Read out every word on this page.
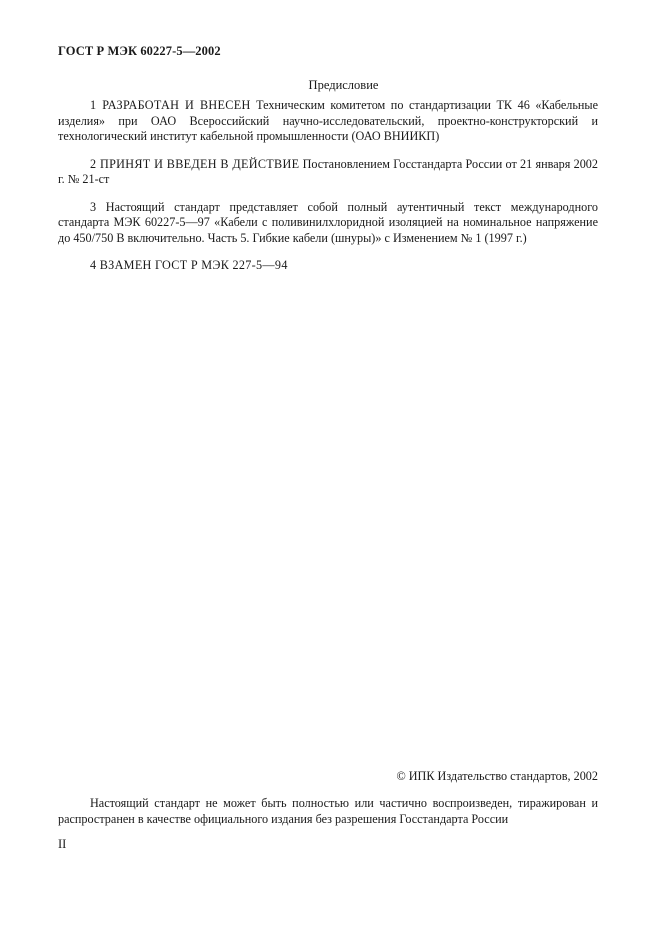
ГОСТ Р МЭК 60227-5—2002
Предисловие

1 РАЗРАБОТАН И ВНЕСЕН Техническим комитетом по стандартизации ТК 46 «Кабельные изделия» при ОАО Всероссийский научно-исследовательский, проектно-конструкторский и технологический институт кабельной промышленности (ОАО ВНИИКП)

2 ПРИНЯТ И ВВЕДЕН В ДЕЙСТВИЕ Постановлением Госстандарта России от 21 января 2002 г. № 21-ст

3 Настоящий стандарт представляет собой полный аутентичный текст международного стандарта МЭК 60227-5—97 «Кабели с поливинилхлоридной изоляцией на номинальное напряжение до 450/750 В включительно. Часть 5. Гибкие кабели (шнуры)» с Изменением № 1 (1997 г.)

4 ВЗАМЕН ГОСТ Р МЭК 227-5—94

© ИПК Издательство стандартов, 2002

Настоящий стандарт не может быть полностью или частично воспроизведен, тиражирован и распространен в качестве официального издания без разрешения Госстандарта России

II
